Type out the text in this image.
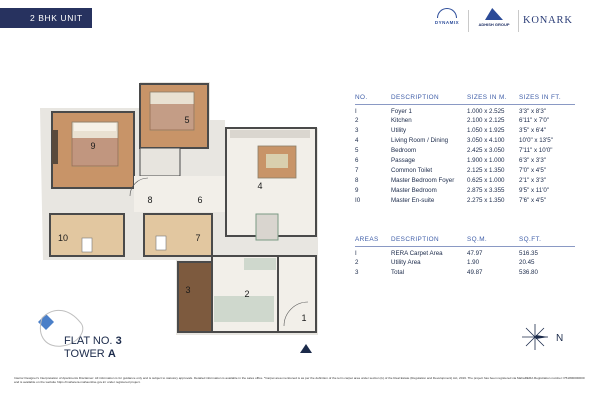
2 BHK UNIT	DYNAMIX	ADHISH GROUP	KONARK
9
5
4
6
8
10	7
3	2
1
FLAT NO. 3
TOWER A
NO.	DESCRIPTION	SIZES IN M.	SIZES IN FT.
I	Foyer 1	1.000 x 2.525	3'3" x 8'3"
2	Kitchen	2.100 x 2.125	6'11" x 7'0"
3	Utility	1.050 x 1.925	3'5" x 6'4"
4	Living Room / Dining	3.050 x 4.100	10'0" x 13'5"
5	Bedroom	2.425 x 3.050	7'11" x 10'0"
6	Passage	1.900 x 1.000	6'3" x 3'3"
7	Common Toilet	2.125 x 1.350	7'0" x 4'5"
8	Master Bedroom Foyer	0.625 x 1.000	2'1" x 3'3"
9	Master Bedroom	2.875 x 3.355	9'5" x 11'0"
I0	Master En-suite	2.275 x 1.350	7'6" x 4'5"
AREAS	DESCRIPTION	SQ.M.	SQ.FT.
I	RERA Carpet Area	47.97	516.35
2	Utility Area	1.90	20.45
3	Total	49.87	536.80
N
Interior Designer's Interpretation of Apartments Disclaimer: All information is for guidance only and is subject to statutory approvals. Detailed information is available in the sales office. *Carpet area mentioned is as per the definition of the term carpet area under section (k) of the Real Estate (Regulation and Development) Act, 2016. The project has been registered via MahaRERA Registration number: P51800000000 and is available on the website https://maharera.mahaonline.gov.in/ under registered project.
